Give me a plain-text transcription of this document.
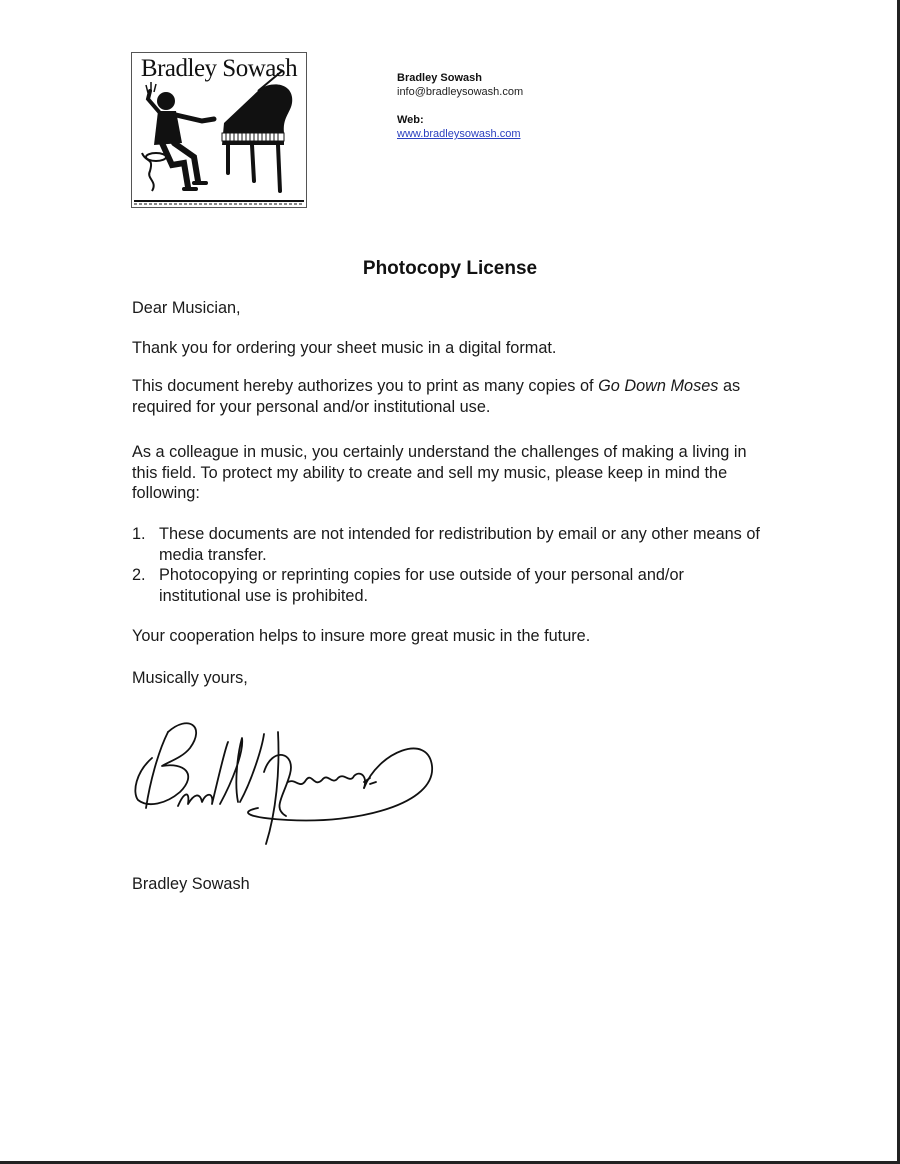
Bradley Sowash	Bradley Sowash
info@bradleysowash.com
Web:
www.bradleysowash.com
Photocopy License
Dear Musician,
Thank you for ordering your sheet music in a digital format.
This document hereby authorizes you to print as many copies of Go Down Moses as required for your personal and/or institutional use.
As a colleague in music, you certainly understand the challenges of making a living in this field. To protect my ability to create and sell my music, please keep in mind the following:
1. These documents are not intended for redistribution by email or any other means of media transfer.
2. Photocopying or reprinting copies for use outside of your personal and/or institutional use is prohibited.
Your cooperation helps to insure more great music in the future.
Musically yours,
Bradley Sowash
